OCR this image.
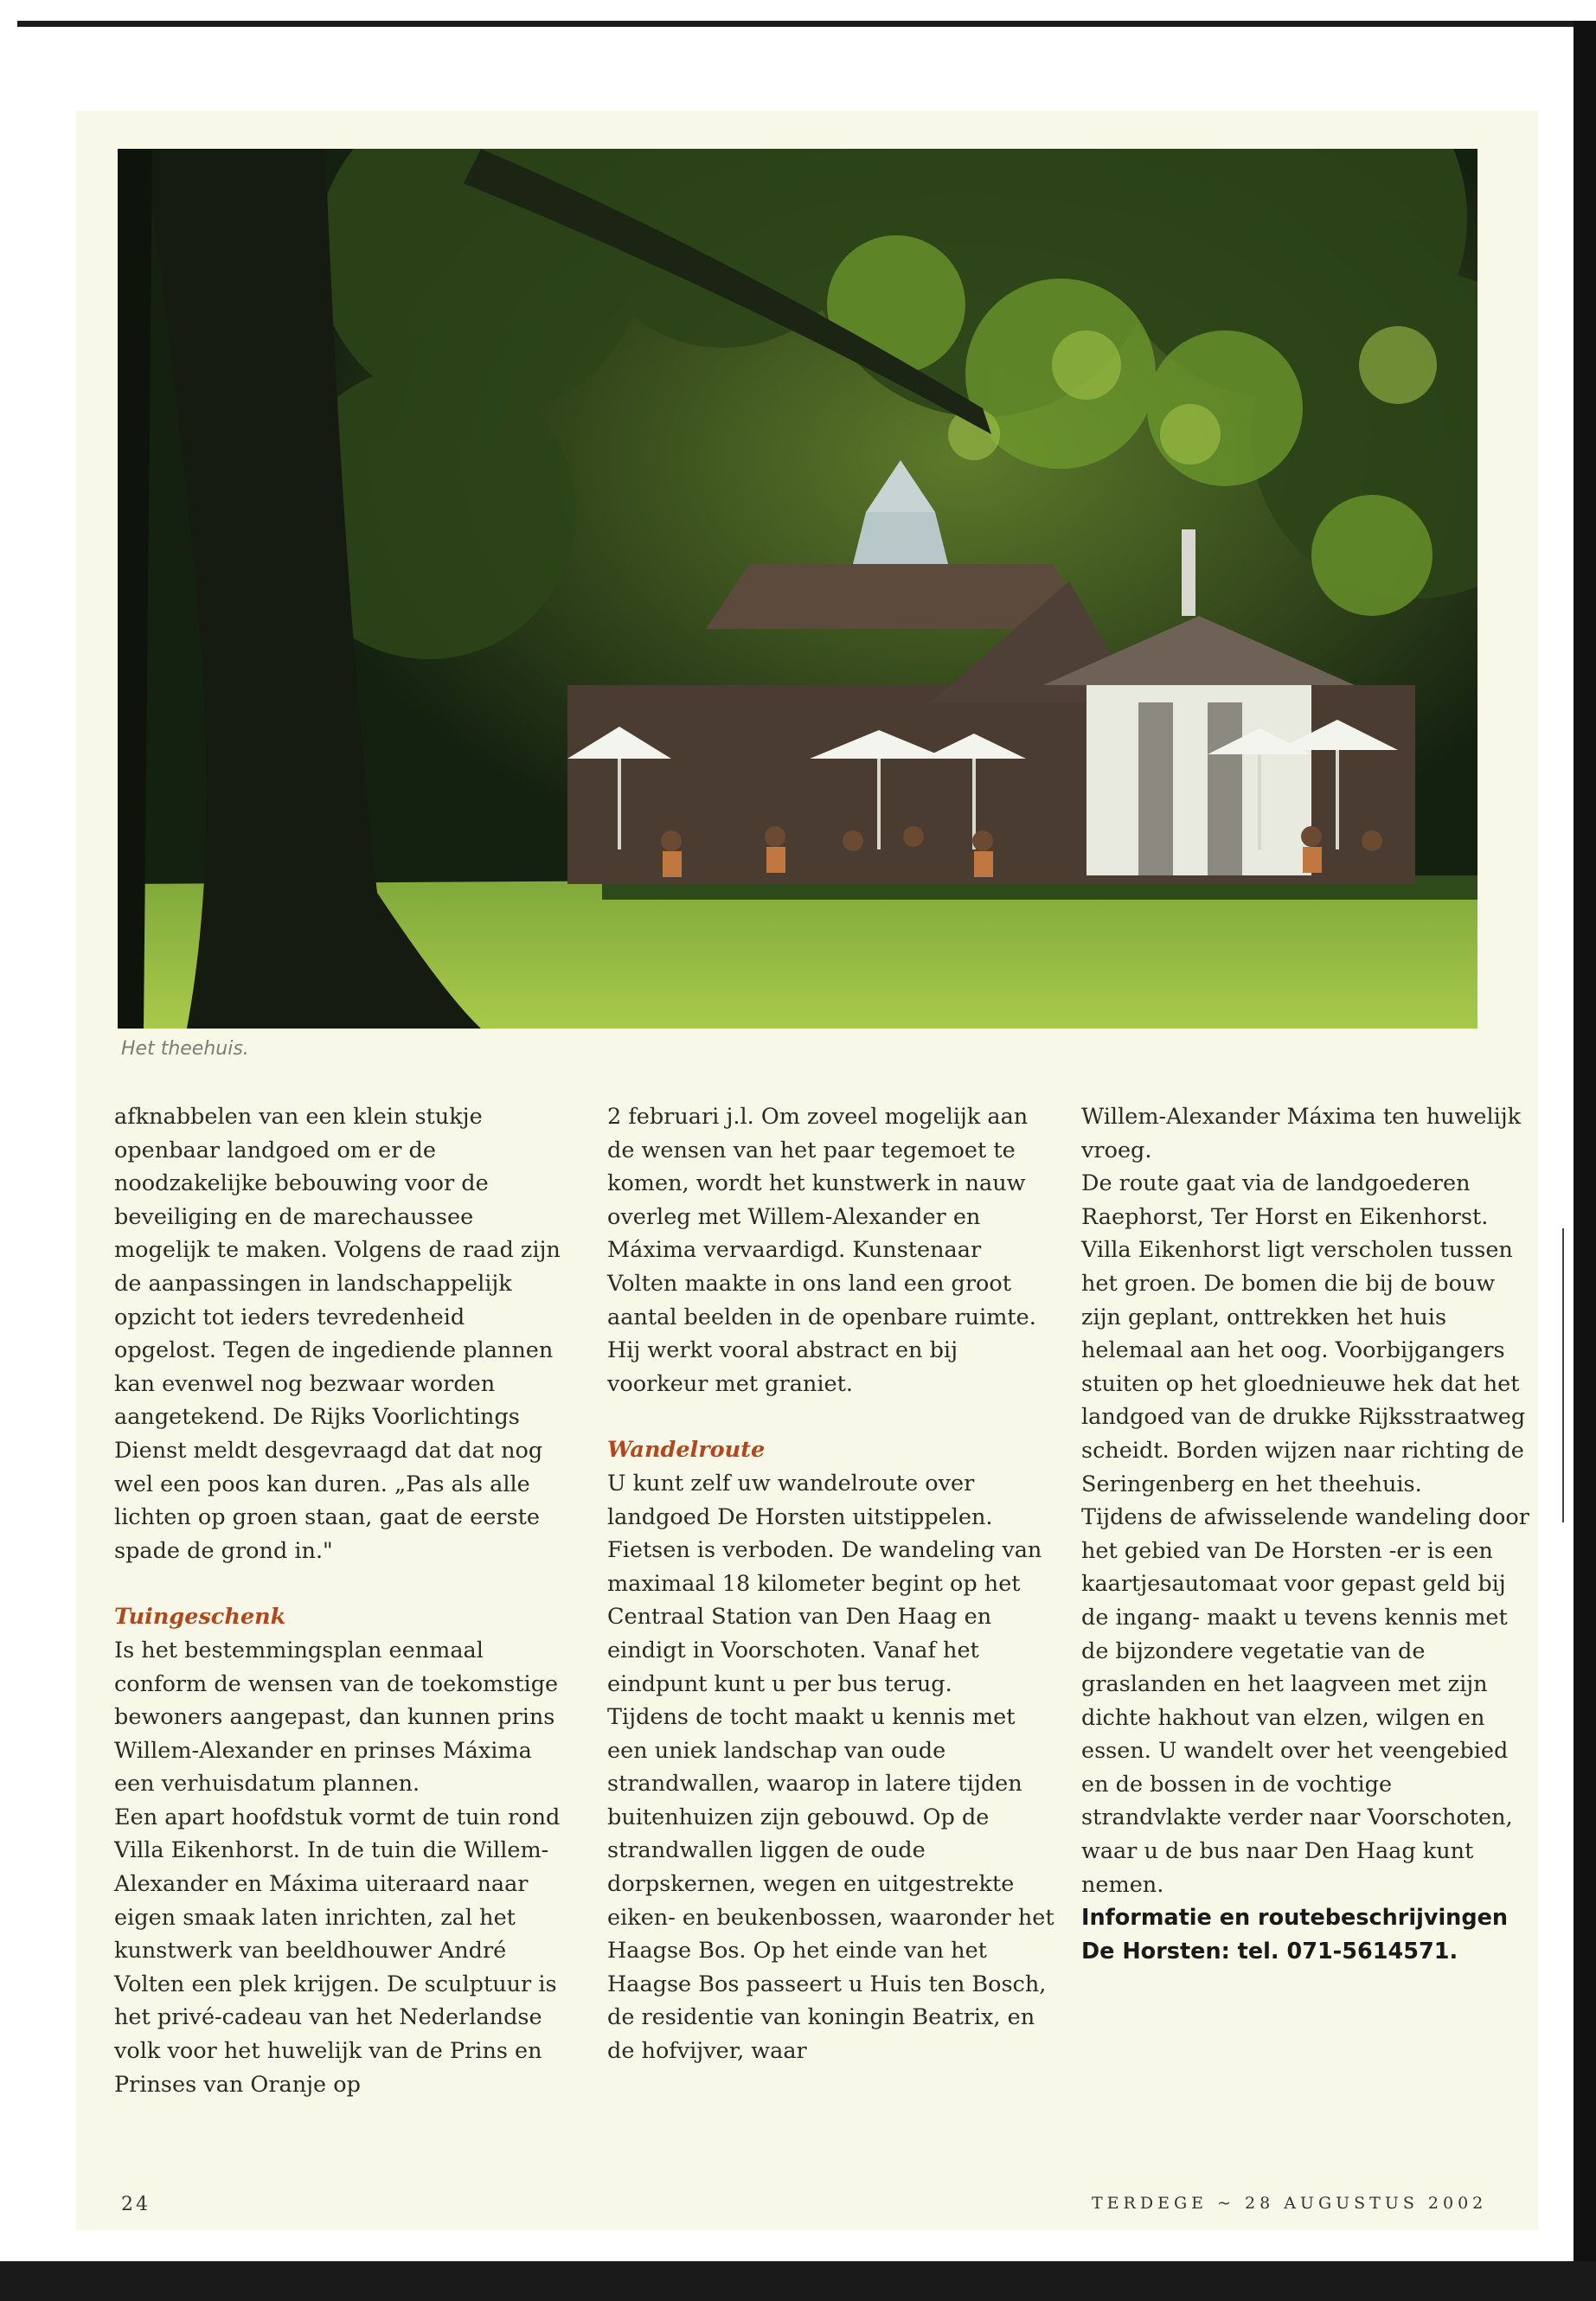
Het theehuis.

afknabbelen van een klein stukje openbaar landgoed om er de noodzakelijke bebouwing voor de beveiliging en de marechaussee mogelijk te maken. Volgens de raad zijn de aanpassingen in landschappelijk opzicht tot ieders tevredenheid opgelost. Tegen de ingediende plannen kan evenwel nog bezwaar worden aangetekend. De Rijks Voorlichtings Dienst meldt desgevraagd dat dat nog wel een poos kan duren. „Pas als alle lichten op groen staan, gaat de eerste spade de grond in."

Tuingeschenk

Is het bestemmingsplan eenmaal conform de wensen van de toekomstige bewoners aangepast, dan kunnen prins Willem-Alexander en prinses Máxima een verhuisdatum plannen.

Een apart hoofdstuk vormt de tuin rond Villa Eikenhorst. In de tuin die Willem-Alexander en Máxima uiteraard naar eigen smaak laten inrichten, zal het kunstwerk van beeldhouwer André Volten een plek krijgen. De sculptuur is het privé-cadeau van het Nederlandse volk voor het huwelijk van de Prins en Prinses van Oranje op

2 februari j.l. Om zoveel mogelijk aan de wensen van het paar tegemoet te komen, wordt het kunstwerk in nauw overleg met Willem-Alexander en Máxima vervaardigd. Kunstenaar Volten maakte in ons land een groot aantal beelden in de openbare ruimte. Hij werkt vooral abstract en bij voorkeur met graniet.

Wandelroute

U kunt zelf uw wandelroute over landgoed De Horsten uitstippelen. Fietsen is verboden. De wandeling van maximaal 18 kilometer begint op het Centraal Station van Den Haag en eindigt in Voorschoten. Vanaf het eindpunt kunt u per bus terug.

Tijdens de tocht maakt u kennis met een uniek landschap van oude strandwallen, waarop in latere tijden buitenhuizen zijn gebouwd. Op de strandwallen liggen de oude dorpskernen, wegen en uitgestrekte eiken- en beukenbossen, waaronder het Haagse Bos. Op het einde van het Haagse Bos passeert u Huis ten Bosch, de residentie van koningin Beatrix, en de hofvijver, waar

Willem-Alexander Máxima ten huwelijk vroeg.

De route gaat via de landgoederen Raephorst, Ter Horst en Eikenhorst. Villa Eikenhorst ligt verscholen tussen het groen. De bomen die bij de bouw zijn geplant, onttrekken het huis helemaal aan het oog. Voorbijgangers stuiten op het gloednieuwe hek dat het landgoed van de drukke Rijksstraatweg scheidt. Borden wijzen naar richting de Seringenberg en het theehuis.

Tijdens de afwisselende wandeling door het gebied van De Horsten -er is een kaartjesautomaat voor gepast geld bij de ingang- maakt u tevens kennis met de bijzondere vegetatie van de graslanden en het laagveen met zijn dichte hakhout van elzen, wilgen en essen. U wandelt over het veengebied en de bossen in de vochtige strandvlakte verder naar Voorschoten, waar u de bus naar Den Haag kunt nemen.

Informatie en routebeschrijvingen De Horsten: tel. 071-5614571.

24	TERDEGE ~ 28 AUGUSTUS 2002
